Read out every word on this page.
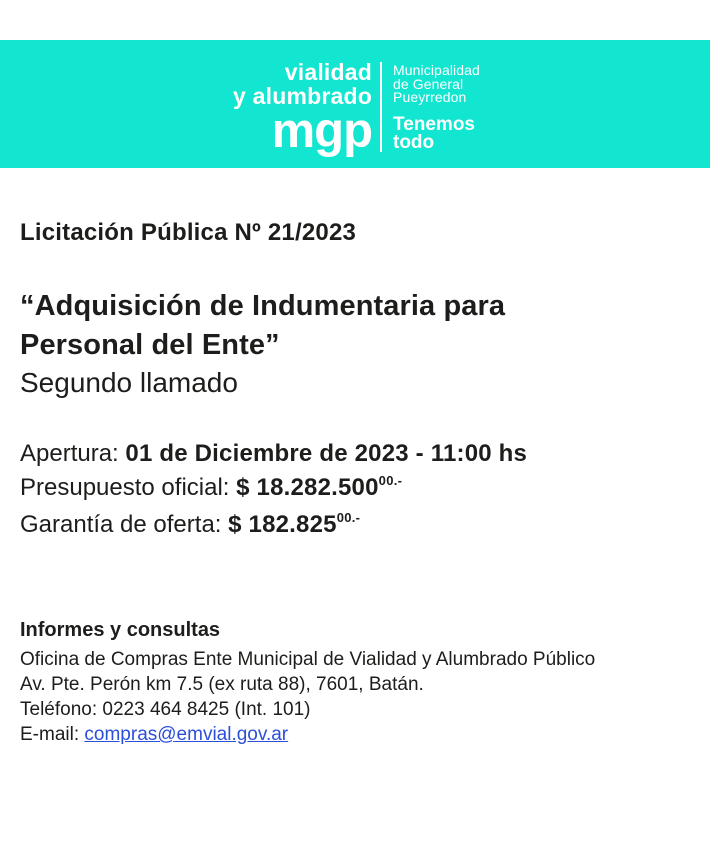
vialidad
y alumbrado
mgp
Municipalidad
de General
Pueyrredon
Tenemos
todo
Licitación Pública Nº 21/2023
“Adquisición de Indumentaria para Personal del Ente”
Segundo llamado
Apertura: 01 de Diciembre de 2023 - 11:00 hs
Presupuesto oficial: $ $18.282.500^{00.-}$
Garantía de oferta: $ $182.825^{00.-}$
Informes y consultas
Oficina de Compras Ente Municipal de Vialidad y Alumbrado Público
Av. Pte. Perón km 7.5 (ex ruta 88), 7601, Batán.
Teléfono: 0223 464 8425 (Int. 101)
E-mail: compras@emvial.gov.ar
